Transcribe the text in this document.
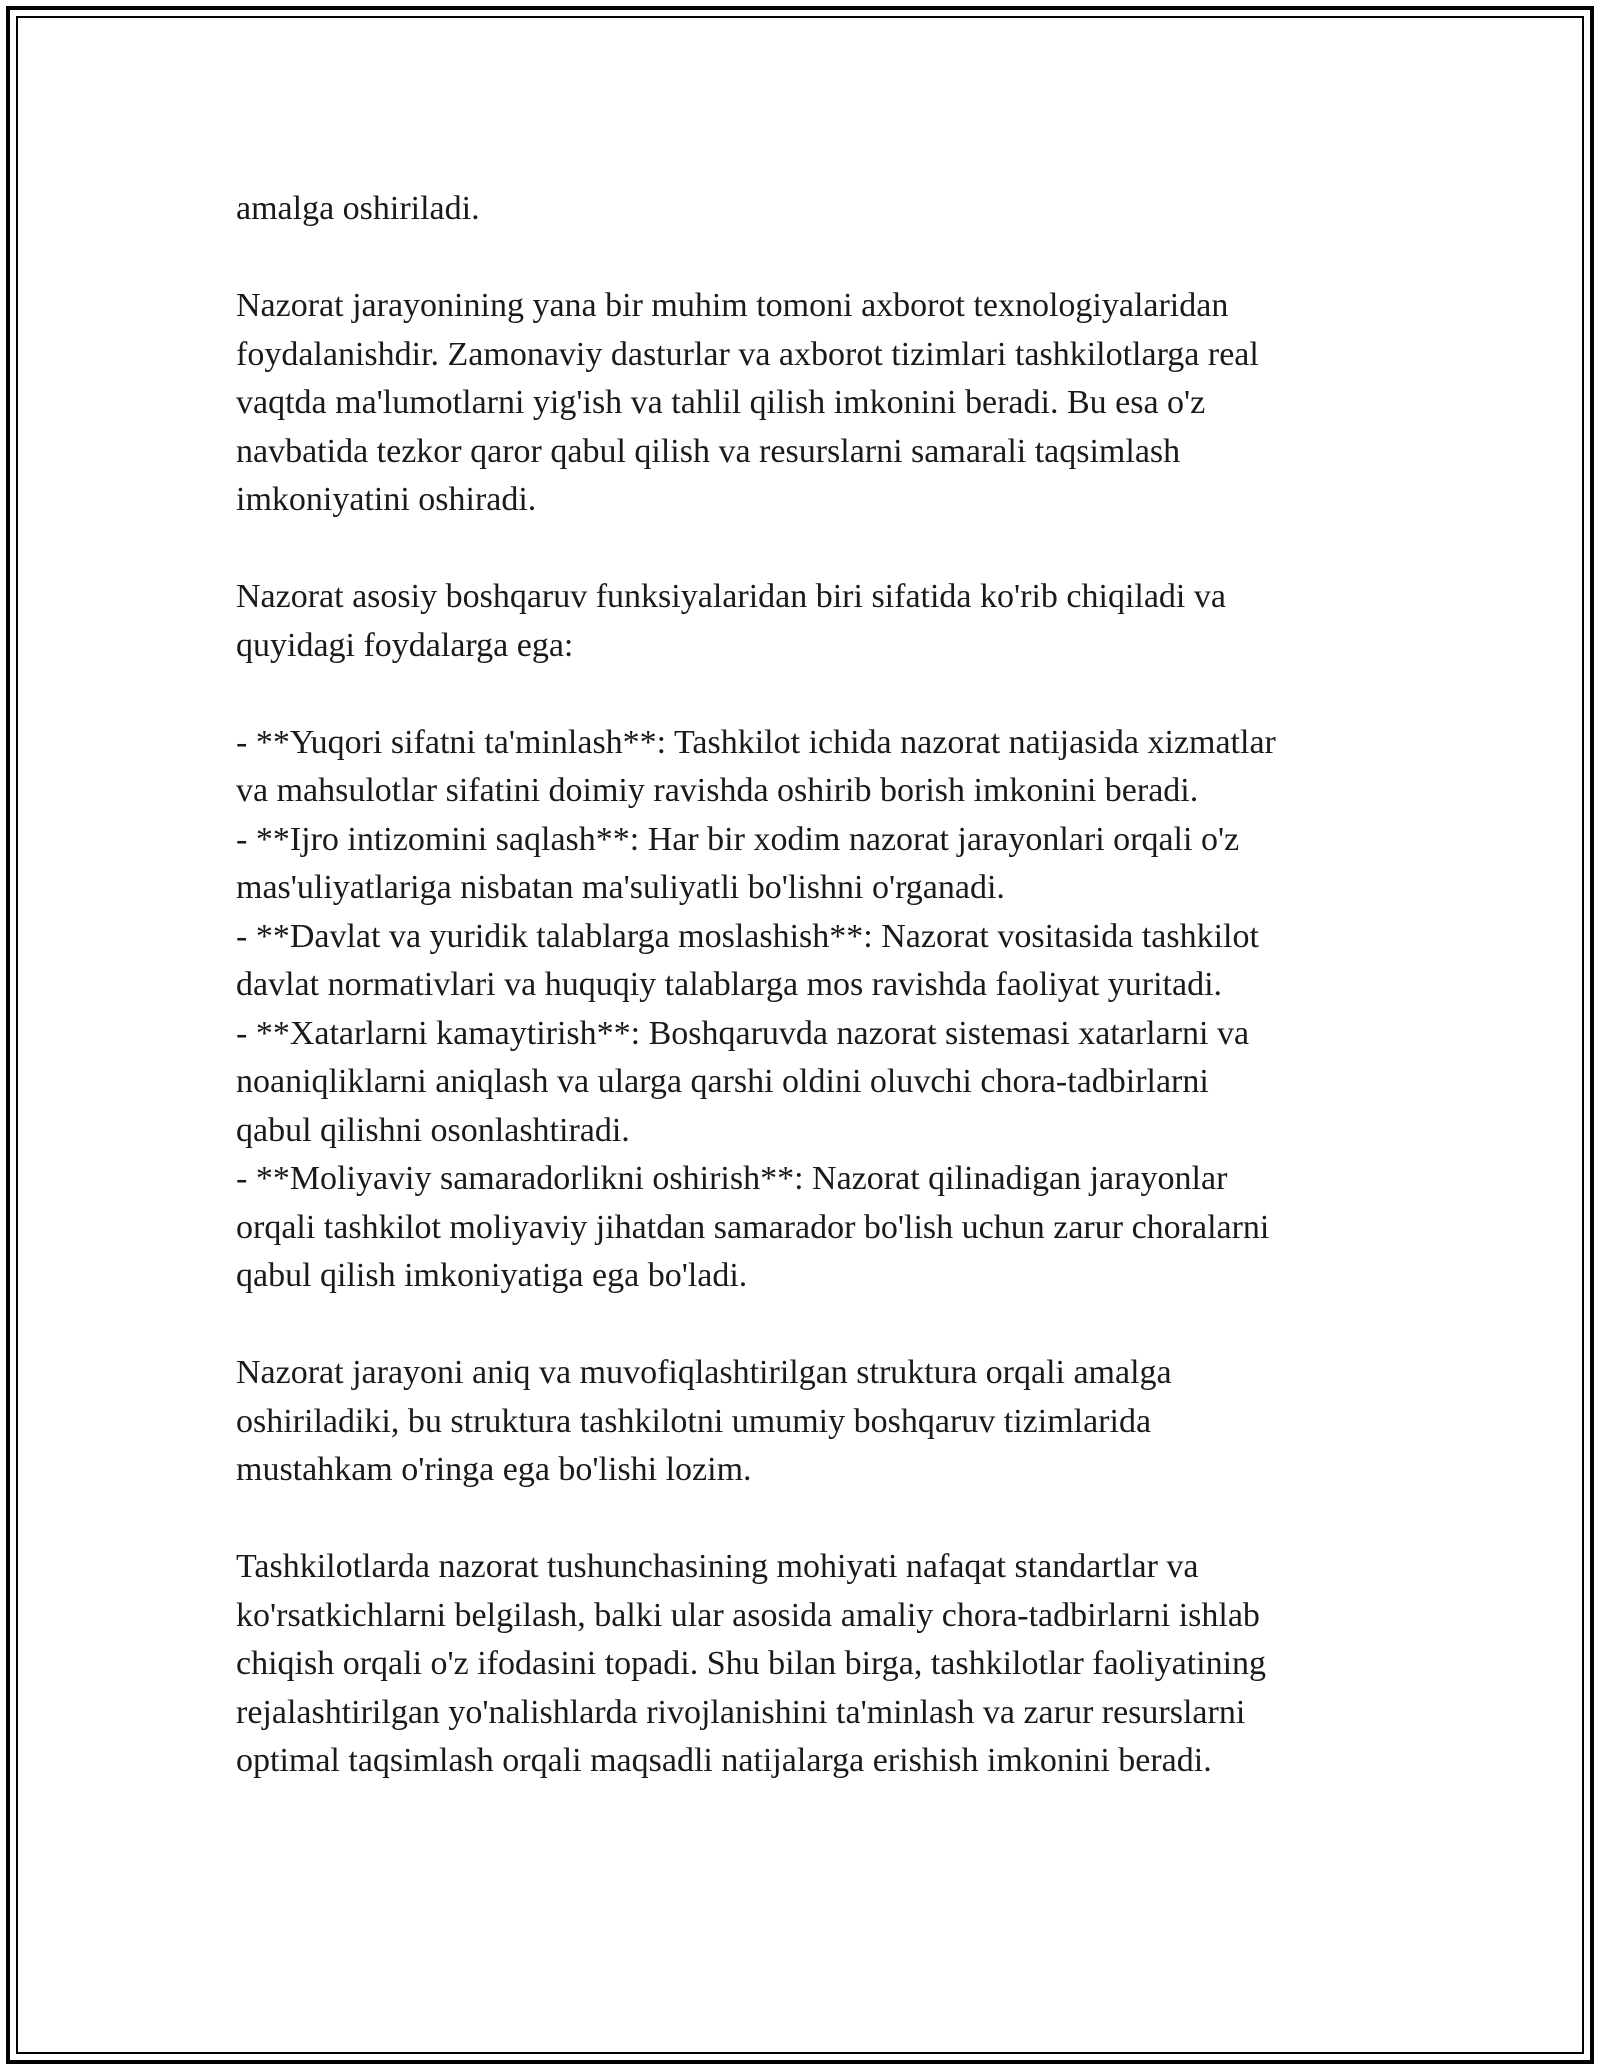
amalga oshiriladi.

Nazorat jarayonining yana bir muhim tomoni axborot texnologiyalaridan

foydalanishdir. Zamonaviy dasturlar va axborot tizimlari tashkilotlarga real

vaqtda ma'lumotlarni yig'ish va tahlil qilish imkonini beradi. Bu esa o'z

navbatida tezkor qaror qabul qilish va resurslarni samarali taqsimlash

imkoniyatini oshiradi.

Nazorat asosiy boshqaruv funksiyalaridan biri sifatida ko'rib chiqiladi va

quyidagi foydalarga ega:

- **Yuqori sifatni ta'minlash**: Tashkilot ichida nazorat natijasida xizmatlar

va mahsulotlar sifatini doimiy ravishda oshirib borish imkonini beradi.

- **Ijro intizomini saqlash**: Har bir xodim nazorat jarayonlari orqali o'z

mas'uliyatlariga nisbatan ma'suliyatli bo'lishni o'rganadi.

- **Davlat va yuridik talablarga moslashish**: Nazorat vositasida tashkilot

davlat normativlari va huquqiy talablarga mos ravishda faoliyat yuritadi.

- **Xatarlarni kamaytirish**: Boshqaruvda nazorat sistemasi xatarlarni va

noaniqliklarni aniqlash va ularga qarshi oldini oluvchi chora-tadbirlarni

qabul qilishni osonlashtiradi.

- **Moliyaviy samaradorlikni oshirish**: Nazorat qilinadigan jarayonlar

orqali tashkilot moliyaviy jihatdan samarador bo'lish uchun zarur choralarni

qabul qilish imkoniyatiga ega bo'ladi.

Nazorat jarayoni aniq va muvofiqlashtirilgan struktura orqali amalga

oshiriladiki, bu struktura tashkilotni umumiy boshqaruv tizimlarida

mustahkam o'ringa ega bo'lishi lozim.

Tashkilotlarda nazorat tushunchasining mohiyati nafaqat standartlar va

ko'rsatkichlarni belgilash, balki ular asosida amaliy chora-tadbirlarni ishlab

chiqish orqali o'z ifodasini topadi. Shu bilan birga, tashkilotlar faoliyatining

rejalashtirilgan yo'nalishlarda rivojlanishini ta'minlash va zarur resurslarni

optimal taqsimlash orqali maqsadli natijalarga erishish imkonini beradi.
